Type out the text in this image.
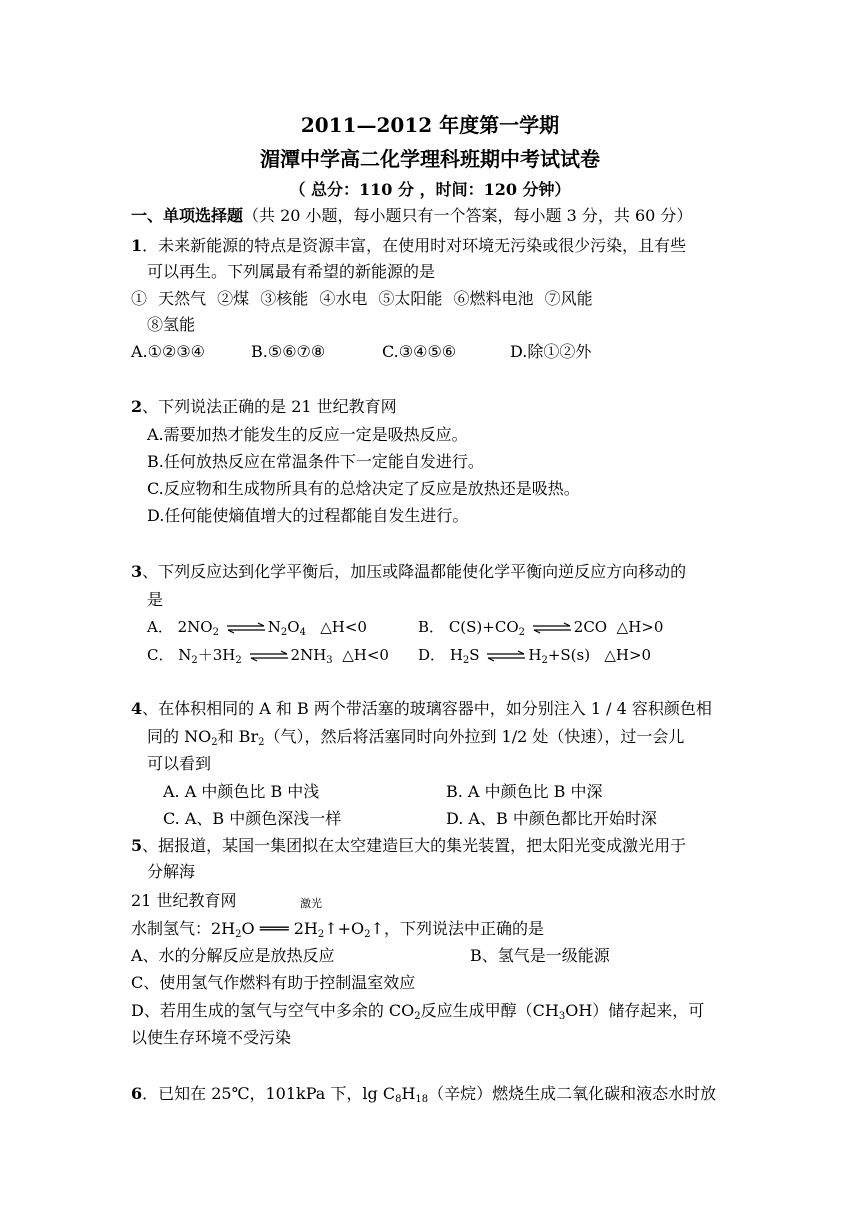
2011—2012 年度第一学期
湄潭中学高二化学理科班期中考试试卷
（ 总分：110 分 ，时间：120 分钟）
一、单项选择题（共 20 小题，每小题只有一个答案，每小题 3 分，共 60 分）
1．未来新能源的特点是资源丰富，在使用时对环境无污染或很少污染，且有些
可以再生。下列属最有希望的新能源的是
① 天然气 ②煤 ③核能 ④水电 ⑤太阳能 ⑥燃料电池 ⑦风能
⑧氢能
A.①②③④	B.⑤⑥⑦⑧	C.③④⑤⑥	D.除①②外
2、下列说法正确的是 21 世纪教育网
A.需要加热才能发生的反应一定是吸热反应。
B.任何放热反应在常温条件下一定能自发进行。
C.反应物和生成物所具有的总焓决定了反应是放热还是吸热。
D.任何能使熵值增大的过程都能自发生进行。
3、下列反应达到化学平衡后，加压或降温都能使化学平衡向逆反应方向移动的
是
A． $2NO_2$ ⇌ $N_2O_4$ △H<0	B． $C(S)+CO_2$ ⇌ 2CO △H>0
C． $N_2+3H_2$ ⇌ $2NH_3$ △H<0 D． $H_2S$ ⇌ $H_2+S(s)$ △H>0
4、在体积相同的 A 和 B 两个带活塞的玻璃容器中，如分别注入 1 / 4 容积颜色相
同的 $NO_2$和 $Br_2$（气），然后将活塞同时向外拉到 1/2 处（快速），过一会儿
可以看到
A. A 中颜色比 B 中浅	B. A 中颜色比 B 中深
C. A、B 中颜色深浅一样	D. A、B 中颜色都比开始时深
5、据报道，某国一集团拟在太空建造巨大的集光装置，把太阳光变成激光用于
分解海
21 世纪教育网	激光
水制氢气：$2H_2O$ ═══ $2H_2↑+O_2↑$，下列说法中正确的是
A、水的分解反应是放热反应	B、氢气是一级能源
C、使用氢气作燃料有助于控制温室效应
D、若用生成的氢气与空气中多余的 $CO_2$反应生成甲醇$(CH_3OH)$储存起来，可
以使生存环境不受污染
6．已知在 25℃，101kPa 下，$\lg C_8H_{18}$（辛烷）燃烧生成二氧化碳和液态水时放
